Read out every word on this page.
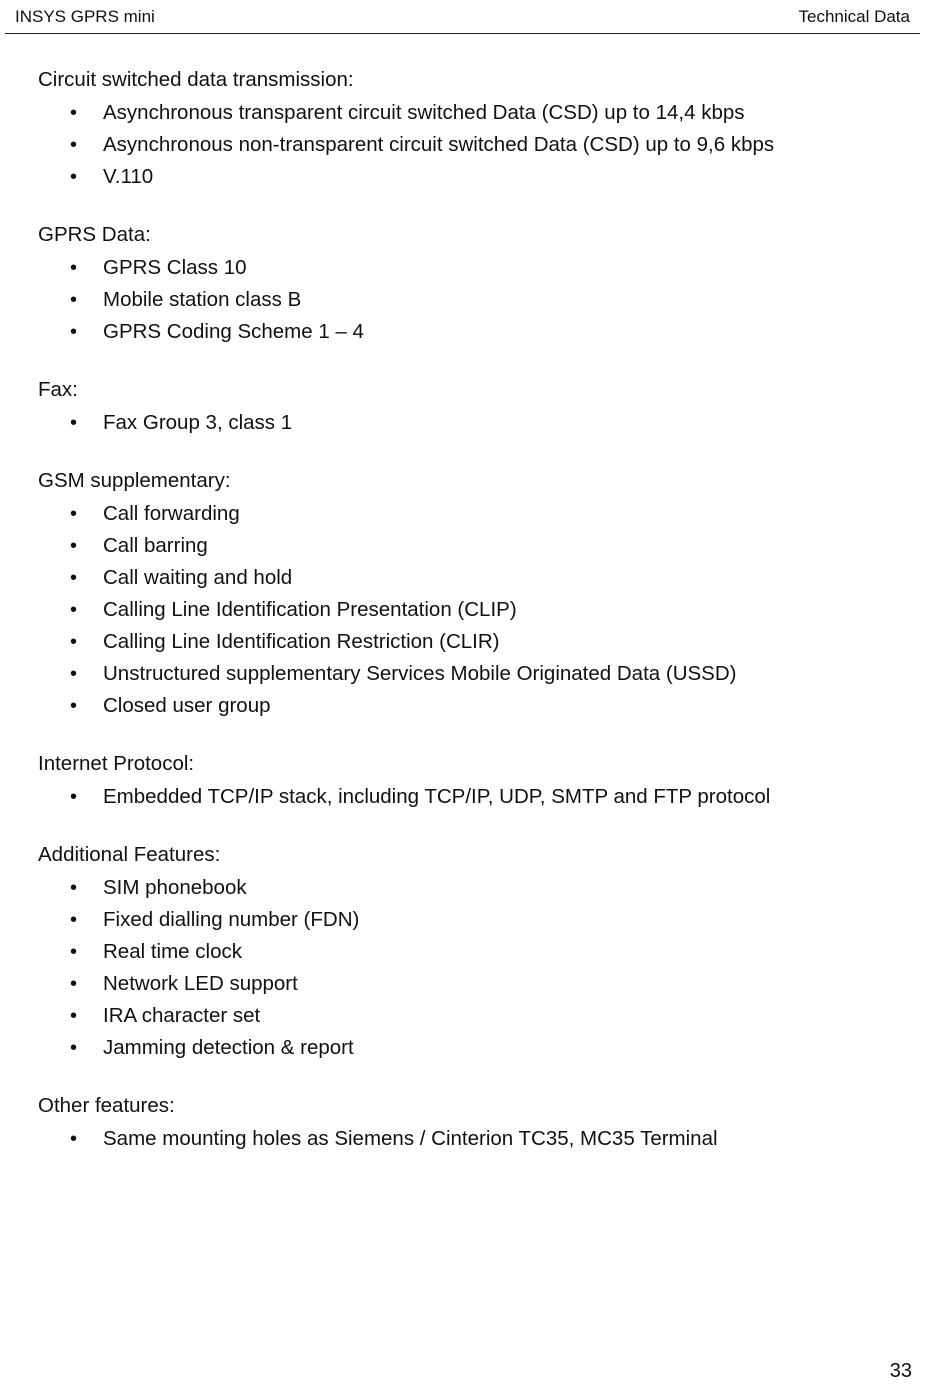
INSYS GPRS mini	Technical Data
Circuit switched data transmission:
• Asynchronous transparent circuit switched Data (CSD) up to 14,4 kbps
• Asynchronous non-transparent circuit switched Data (CSD) up to 9,6 kbps
• V.110
GPRS Data:
• GPRS Class 10
• Mobile station class B
• GPRS Coding Scheme 1 – 4
Fax:
• Fax Group 3, class 1
GSM supplementary:
• Call forwarding
• Call barring
• Call waiting and hold
• Calling Line Identification Presentation (CLIP)
• Calling Line Identification Restriction (CLIR)
• Unstructured supplementary Services Mobile Originated Data (USSD)
• Closed user group
Internet Protocol:
• Embedded TCP/IP stack, including TCP/IP, UDP, SMTP and FTP protocol
Additional Features:
• SIM phonebook
• Fixed dialling number (FDN)
• Real time clock
• Network LED support
• IRA character set
• Jamming detection & report
Other features:
• Same mounting holes as Siemens / Cinterion TC35, MC35 Terminal
33
